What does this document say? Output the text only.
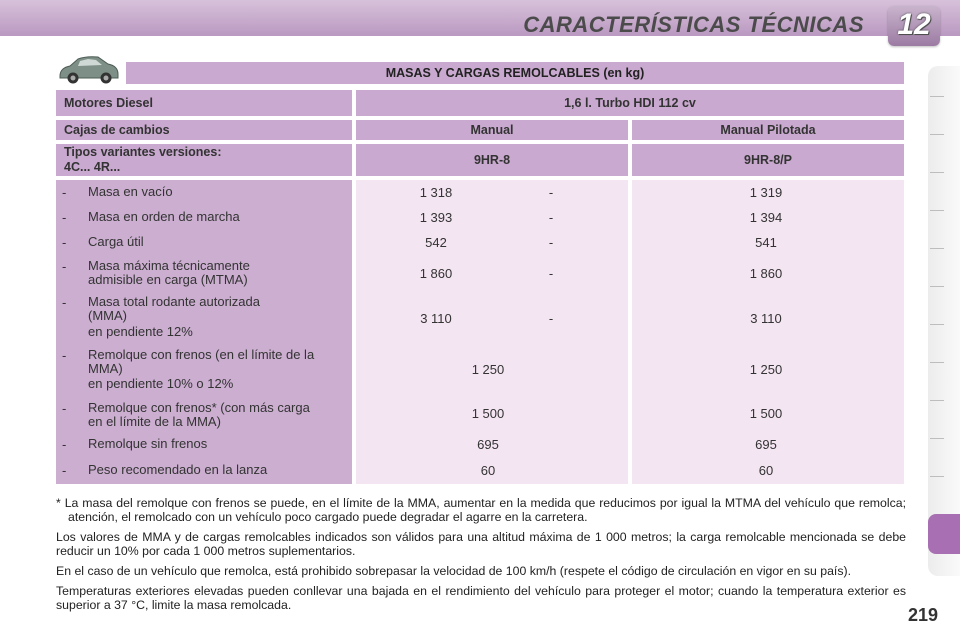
CARACTERÍSTICAS TÉCNICAS 12
MASAS Y CARGAS REMOLCABLES (en kg)
Motores Diesel	1,6 l. Turbo HDI 112 cv
Cajas de cambios	Manual	Manual Pilotada
Tipos variantes versiones:
4C... 4R...	9HR-8	9HR-8/P
- Masa en vacío	1 318	-	1 319
- Masa en orden de marcha	1 393	-	1 394
- Carga útil	542	-	541
- Masa máxima técnicamente admisible en carga (MTMA)	1 860	-	1 860
- Masa total rodante autorizada (MMA)
en pendiente 12%
3 110	-	3 110
- Remolque con frenos (en el límite de la MMA)
en pendiente 10% o 12%
1 250	1 250
- Remolque con frenos* (con más carga en el límite de la MMA)
1 500	1 500
- Remolque sin frenos	695	695
- Peso recomendado en la lanza	60	60

* La masa del remolque con frenos se puede, en el límite de la MMA, aumentar en la medida que reducimos por igual la MTMA del vehículo que remolca; atención, el remolcado con un vehículo poco cargado puede degradar el agarre en la carretera.

Los valores de MMA y de cargas remolcables indicados son válidos para una altitud máxima de 1 000 metros; la carga remolcable mencionada se debe reducir un 10% por cada 1 000 metros suplementarios.

En el caso de un vehículo que remolca, está prohibido sobrepasar la velocidad de 100 km/h (respete el código de circulación en vigor en su país).

Temperaturas exteriores elevadas pueden conllevar una bajada en el rendimiento del vehículo para proteger el motor; cuando la temperatura exterior es superior a 37 °C, limite la masa remolcada.	219
